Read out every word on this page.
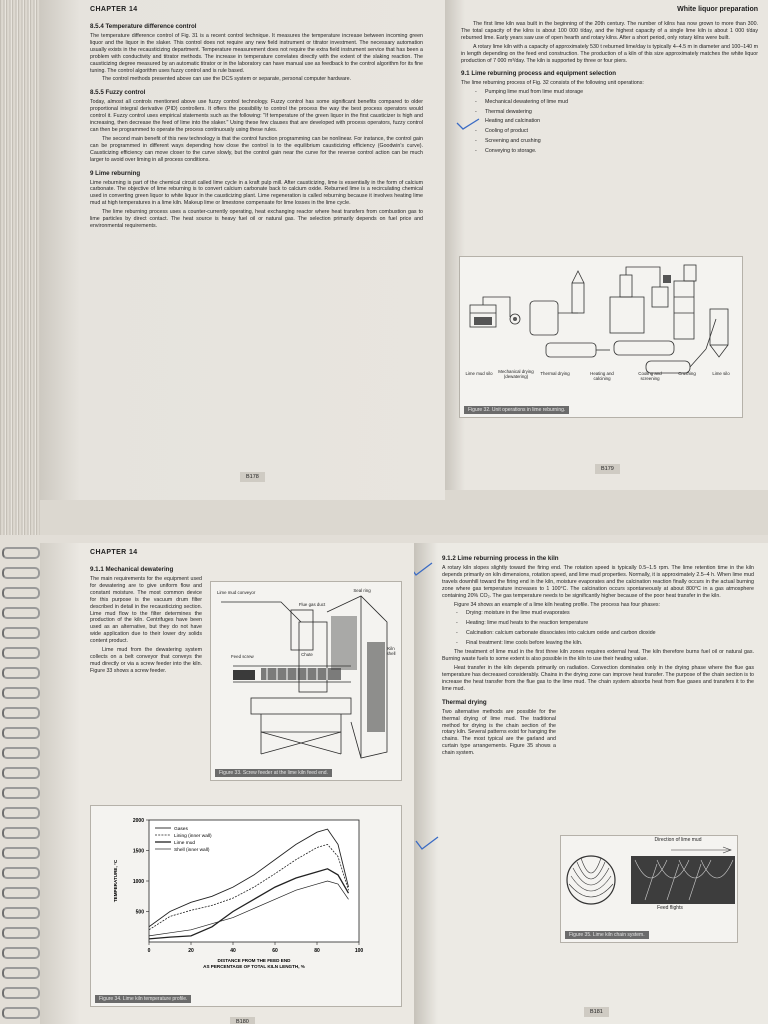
CHAPTER 14
8.5.4 Temperature difference control

The temperature difference control of Fig. 31 is a recent control technique. It measures the temperature increase between incoming green liquor and the liquor in the slaker. This control does not require any new field instrument or titrator investment. The necessary automation usually exists in the recausticizing department. Temperature measurement does not require the extra field instrument service that has been a problem with conductivity and titrator methods. The increase in temperature correlates directly with the extent of the slaking reaction. The causticizing degree measured by an automatic titrator or in the laboratory can have manual use as feedback to the control algorithm for its fine tuning. The control algorithm uses fuzzy control and is rule based.

The control methods presented above can use the DCS system or separate, personal computer hardware.

8.5.5 Fuzzy control

Today, almost all controls mentioned above use fuzzy control technology. Fuzzy control has some significant benefits compared to older proportional integral derivative (PID) controllers. It offers the possibility to control the process the way the best process operators would control it. Fuzzy control uses empirical statements such as the following: "If temperature of the green liquor in the first causticizer is high and increasing, then decrease the feed of lime into the slaker." Using these few clauses that are developed with process operators, fuzzy control can then be programmed to operate the process continuously using these rules.

The second main benefit of this new technology is that the control function programming can be nonlinear. For instance, the control gain can be programmed in different ways depending how close the control is to the equilibrium causticizing efficiency (Goodwin's curve). Causticizing efficiency can move closer to the curve slowly, but the control gain near the curve for the reverse control action can be much larger to avoid over liming in all process conditions.

9 Lime reburning

Lime reburning is part of the chemical circuit called lime cycle in a kraft pulp mill. After causticizing, lime is essentially in the form of calcium carbonate. The objective of lime reburning is to convert calcium carbonate back to calcium oxide. Reburned lime is a recirculating chemical used in converting green liquor to white liquor in the causticizing plant. Lime regeneration is called reburning because it involves heating lime mud at high temperatures in a lime kiln. Makeup lime or limestone compensate for lime losses in the lime cycle.

The lime reburning process uses a counter-currently operating, heat exchanging reactor where heat transfers from combustion gas to lime particles by direct contact. The heat source is heavy fuel oil or natural gas. The selection primarily depends on fuel price and environmental requirements.

B178
White liquor preparation

The first lime kiln was built in the beginning of the 20th century. The number of kilns has now grown to more than 300. The total capacity of the kilns is about 100 000 t/day, and the highest capacity of a single lime kiln is about 1 000 t/day reburned lime. Early years saw use of open hearth and rotary kilns. After a short period, only rotary kilns were built.

A rotary lime kiln with a capacity of approximately 530 t reburned lime/day is typically 4–4.5 m in diameter and 100–140 m in length depending on the feed end construction. The production of a kiln of this size approximately matches the white liquor production of 7 000 m³/day. The kiln is supported by three or four piers.

9.1 Lime reburning process and equipment selection

The lime reburning process of Fig. 32 consists of the following unit operations:

- Pumping lime mud from lime mud storage
- Mechanical dewatering of lime mud
- Thermal dewatering
- Heating and calcination
- Cooling of product
- Screening and crushing
- Conveying to storage.
Lime mud silo	Mechanical drying (dewatering)
Thermal drying	Heating and calcining
Cooling and screening
Crushing	Lime silo
Figure 32. Unit operations in lime reburning.
B179
CHAPTER 14
9.1.1 Mechanical dewatering

The main requirements for the equipment used for dewatering are to give uniform flow and constant moisture. The most common device for this purpose is the vacuum drum filter described in detail in the recausticizing section. Lime mud flow to the filter determines the production of the kiln. Centrifuges have been used as an alternative, but they do not have wide application due to their lower dry solids content product.

Lime mud from the dewatering system collects on a belt conveyor that conveys the mud directly or via a screw feeder into the kiln. Figure 33 shows a screw feeder.

Lime mud conveyor
Flue gas duct
Seal ring
Chute
Kiln shell
Feed screw
Figure 33. Screw feeder at the lime kiln feed end.
0	20	40	60	80	100
500
1000
1500
2000
TEMPERATURE, °C
DISTANCE FROM THE FEED END
AS PERCENTAGE OF TOTAL KILN LENGTH, %
Gases
Lining (inner wall)
Lime mud
Shell (inner wall)
Figure 34. Lime kiln temperature profile.
B180
9.1.2 Lime reburning process in the kiln

A rotary kiln slopes slightly toward the firing end. The rotation speed is typically 0.5–1.5 rpm. The lime retention time in the kiln depends primarily on kiln dimensions, rotation speed, and lime mud properties. Normally, it is approximately 2.5–4 h. When lime mud travels downhill toward the firing end in the kiln, moisture evaporates and the calcination reaction finally occurs in the actual burning zone where gas temperature increases to 1 100°C. The calcination occurs spontaneously at about 800°C in a gas atmosphere containing 20% CO₂. The gas temperature needs to be significantly higher because of the poor heat transfer in the kiln.

Figure 34 shows an example of a lime kiln heating profile. The process has four phases:

- Drying: moisture in the lime mud evaporates
- Heating: lime mud heats to the reaction temperature
- Calcination: calcium carbonate dissociates into calcium oxide and carbon dioxide
- Final treatment: lime cools before leaving the kiln.

The treatment of lime mud in the first three kiln zones requires external heat. The kiln therefore burns fuel oil or natural gas. Burning waste fuels to some extent is also possible in the kiln to use their heating value.

Heat transfer in the kiln depends primarily on radiation. Convection dominates only in the drying phase where the flue gas temperature has decreased considerably. Chains in the drying zone can improve heat transfer. The purpose of the chain section is to increase the heat transfer from the flue gas to the lime mud. The chain system absorbs heat from flue gases and transfers it to the lime mud.

Thermal drying

Two alternative methods are possible for the thermal drying of lime mud. The traditional method for drying is the chain section of the rotary kiln. Several patterns exist for hanging the chains. The most typical are the garland and curtain type arrangements. Figure 35 shows a chain system.

Direction of lime mud
Feed flights
Figure 35. Lime kiln chain system.
B181
